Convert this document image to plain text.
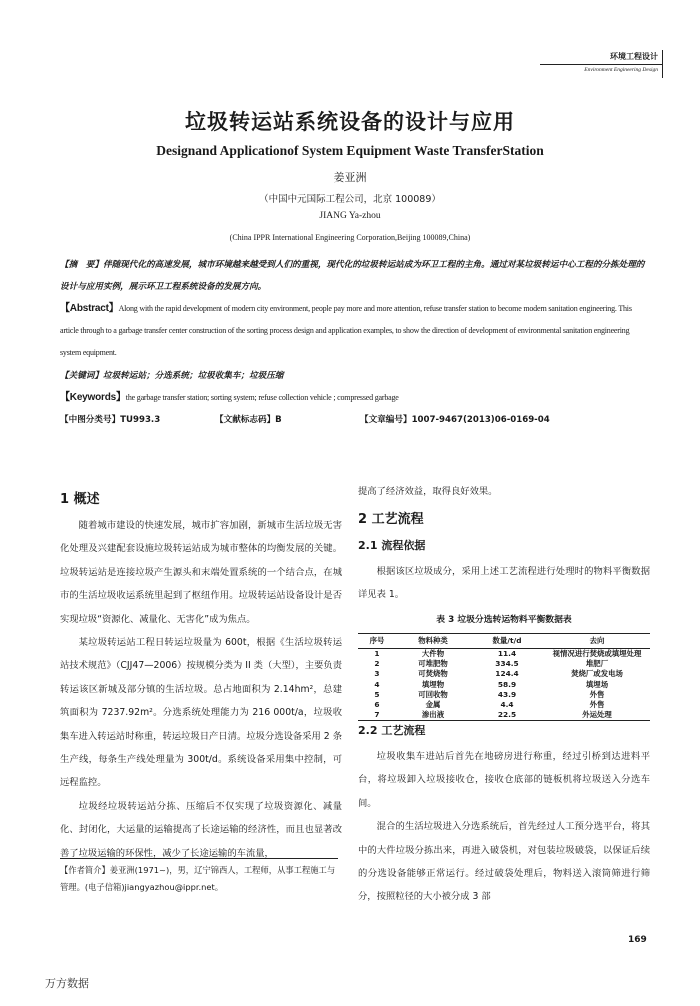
环境工程设计
Environment Engineering Design
垃圾转运站系统设备的设计与应用
Designand Applicationof System Equipment Waste TransferStation
姜亚洲
（中国中元国际工程公司，北京 100089）
JIANG Ya-zhou
(China IPPR International Engineering Corporation,Beijing 100089,China)
【摘　要】伴随现代化的高速发展，城市环境越来越受到人们的重视，现代化的垃圾转运站成为环卫工程的主角。通过对某垃圾转运中心工程的分拣处理的设计与应用实例，展示环卫工程系统设备的发展方向。
【Abstract】Along with the rapid development of modern city environment, people pay more and more attention, refuse transfer station to become modern sanitation engineering. This article through to a garbage transfer center construction of the sorting process design and application examples, to show the direction of development of environmental sanitation engineering system equipment.
【关键词】垃圾转运站；分选系统；垃圾收集车；垃圾压缩
【Keywords】the garbage transfer station; sorting system; refuse collection vehicle ; compressed garbage
【中图分类号】TU993.3	【文献标志码】B	【文章编号】1007-9467(2013)06-0169-04
1 概述

随着城市建设的快速发展，城市扩容加剧，新城市生活垃圾无害化处理及兴建配套设施垃圾转运站成为城市整体的均衡发展的关键。垃圾转运站是连接垃圾产生源头和末端处置系统的一个结合点，在城市的生活垃圾收运系统里起到了枢纽作用。垃圾转运站设备设计是否实现垃圾“资源化、减量化、无害化”成为焦点。

某垃圾转运站工程日转运垃圾量为 600t，根据《生活垃圾转运站技术规范》（CJJ47—2006）按规模分类为 II 类（大型），主要负责转运该区新城及部分镇的生活垃圾。总占地面积为 2.14hm²，总建筑面积为 7237.92m²。分选系统处理能力为 216 000t/a，垃圾收集车进入转运站时称重，转运垃圾日产日清。垃圾分选设备采用 2 条生产线，每条生产线处理量为 300t/d。系统设备采用集中控制，可远程监控。

垃圾经垃圾转运站分拣、压缩后不仅实现了垃圾资源化、减量化、封闭化，大运量的运输提高了长途运输的经济性，而且也显著改善了垃圾运输的环保性，减少了长途运输的车流量，

提高了经济效益，取得良好效果。
2 工艺流程
2.1 流程依据
根据该区垃圾成分，采用上述工艺流程进行处理时的物料平衡数据详见表 1。
表 3 垃圾分选转运物料平衡数据表
序号	物料种类	数量/t/d	去向
1	大件物	11.4	视情况进行焚烧或填埋处理
2	可堆肥物	334.5	堆肥厂
3	可焚烧物	124.4	焚烧厂或发电场
4	填埋物	58.9	填埋场
5	可回收物	43.9	外售
6	金属	4.4	外售
7	渗出液	22.5	外运处理
2.2 工艺流程

垃圾收集车进站后首先在地磅房进行称重，经过引桥到达进料平台，将垃圾卸入垃圾接收仓，接收仓底部的链板机将垃圾送入分选车间。

混合的生活垃圾进入分选系统后，首先经过人工预分选平台，将其中的大件垃圾分拣出来，再进入破袋机，对包装垃圾破袋，以保证后续的分选设备能够正常运行。经过破袋处理后，物料送入滚筒筛进行筛分，按照粒径的大小被分成 3 部

【作者简介】姜亚洲(1971~)，男，辽宁锦西人，工程师，从事工程施工与管理。(电子信箱)jiangyazhou@ippr.net。
169
万方数据
